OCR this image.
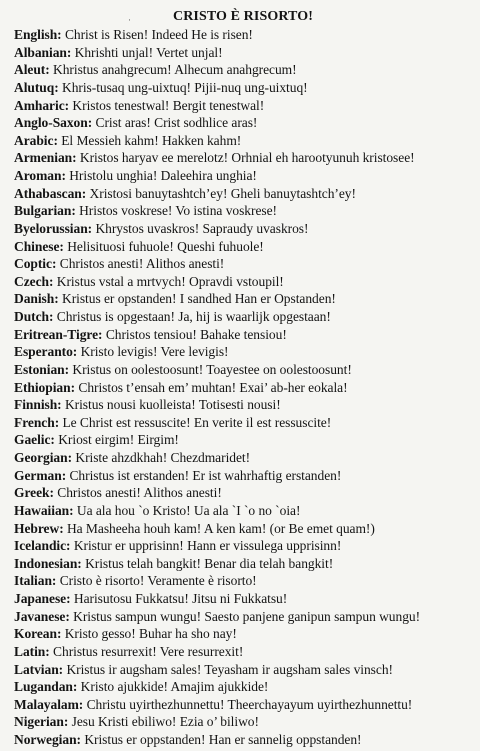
·	CRISTO È RISORTO!
English: Christ is Risen! Indeed He is risen!
Albanian: Khrishti unjal! Vertet unjal!
Aleut: Khristus anahgrecum! Alhecum anahgrecum!
Alutuq: Khris-tusaq ung-uixtuq! Pijii-nuq ung-uixtuq!
Amharic: Kristos tenestwal! Bergit tenestwal!
Anglo-Saxon: Crist aras! Crist sodhlice aras!
Arabic: El Messieh kahm! Hakken kahm!
Armenian: Kristos haryav ee merelotz! Orhnial eh harootyunuh kristosee!
Aroman: Hristolu unghia! Daleehira unghia!
Athabascan: Xristosi banuytashtch’ey! Gheli banuytashtch’ey!
Bulgarian: Hristos voskrese! Vo istina voskrese!
Byelorussian: Khrystos uvaskros! Sapraudy uvaskros!
Chinese: Helisituosi fuhuole! Queshi fuhuole!
Coptic: Christos anesti! Alithos anesti!
Czech: Kristus vstal a mrtvych! Opravdi vstoupil!
Danish: Kristus er opstanden! I sandhed Han er Opstanden!
Dutch: Christus is opgestaan! Ja, hij is waarlijk opgestaan!
Eritrean-Tigre: Christos tensiou! Bahake tensiou!
Esperanto: Kristo levigis! Vere levigis!
Estonian: Kristus on oolestoosunt! Toayestee on oolestoosunt!
Ethiopian: Christos t’ensah em’ muhtan! Exai’ ab-her eokala!
Finnish: Kristus nousi kuolleista! Totisesti nousi!
French: Le Christ est ressuscite! En verite il est ressuscite!
Gaelic: Kriost eirgim! Eirgim!
Georgian: Kriste ahzdkhah! Chezdmaridet!
German: Christus ist erstanden! Er ist wahrhaftig erstanden!
Greek: Christos anesti! Alithos anesti!
Hawaiian: Ua ala hou `o Kristo! Ua ala `I `o no `oia!
Hebrew: Ha Masheeha houh kam! A ken kam! (or Be emet quam!)
Icelandic: Kristur er upprisinn! Hann er vissulega upprisinn!
Indonesian: Kristus telah bangkit! Benar dia telah bangkit!
Italian: Cristo è risorto! Veramente è risorto!
Japanese: Harisutosu Fukkatsu! Jitsu ni Fukkatsu!
Javanese: Kristus sampun wungu! Saesto panjene ganipun sampun wungu!
Korean: Kristo gesso! Buhar ha sho nay!
Latin: Christus resurrexit! Vere resurrexit!
Latvian: Kristus ir augsham sales! Teyasham ir augsham sales vinsch!
Lugandan: Kristo ajukkide! Amajim ajukkide!
Malayalam: Christu uyirthezhunnettu! Theerchayayum uyirthezhunnettu!
Nigerian: Jesu Kristi ebiliwo! Ezia o’ biliwo!
Norwegian: Kristus er oppstanden! Han er sannelig oppstanden!
